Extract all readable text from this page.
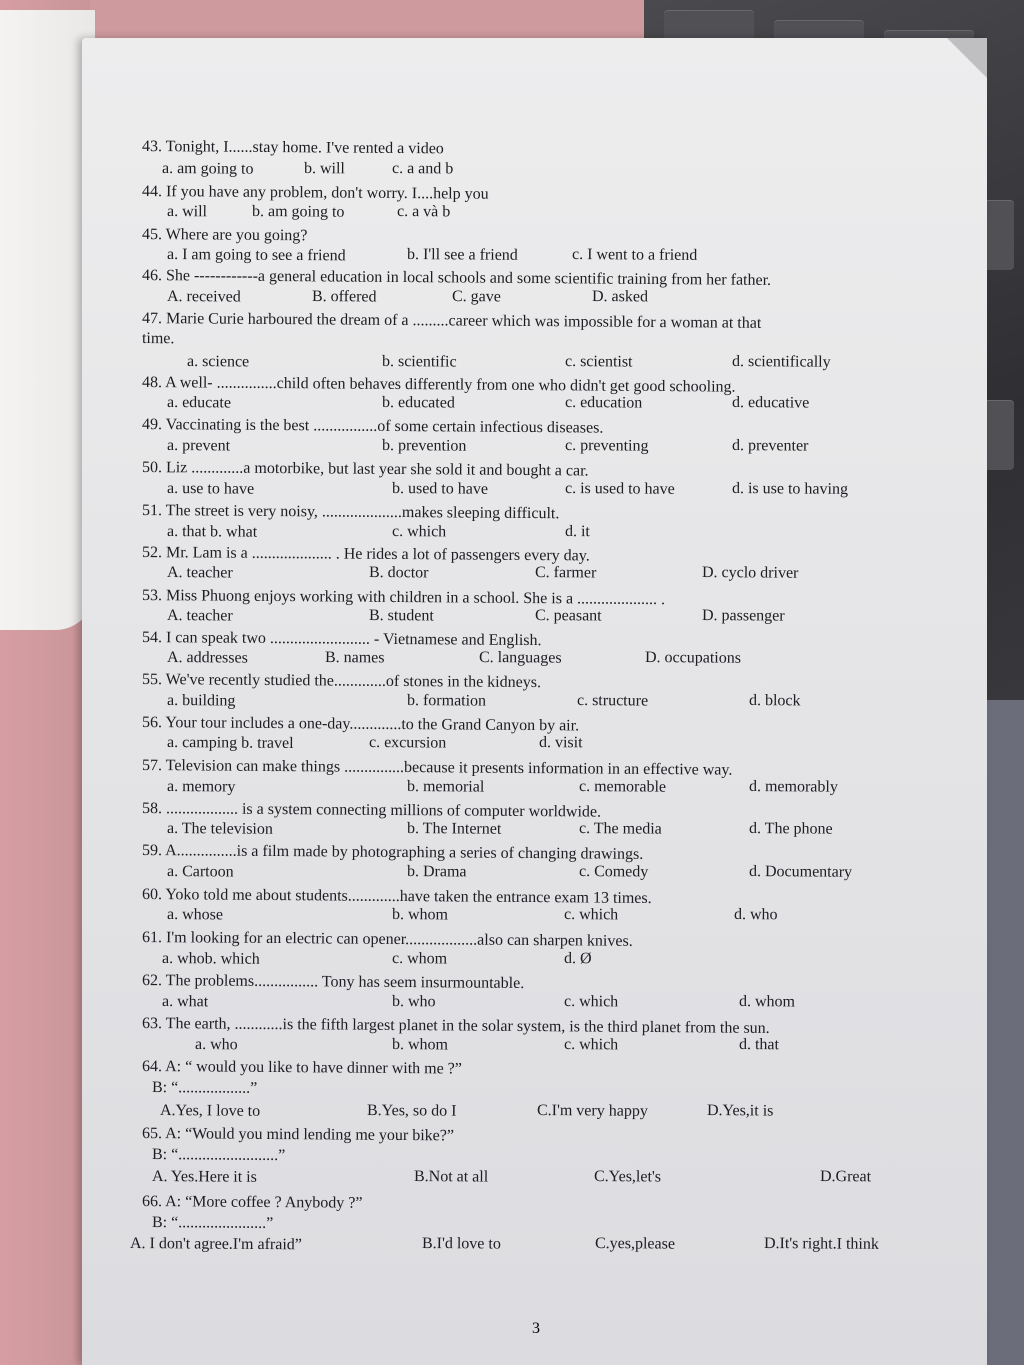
43. Tonight, I......stay home. I've rented a video
a. am going to	b. will	c. a and b
44. If you have any problem, don't worry. I....help you
a. will	b. am going to	c. a và b
45. Where are you going?
a. I am going to see a friend	b. I'll see a friend	c. I went to a friend
46. She ------------a general education in local schools and some scientific training from her father.
A. received	B. offered	C. gave	D. asked
47. Marie Curie harboured the dream of a .........career which was impossible for a woman at that
time.
a. science	b. scientific	c. scientist	d. scientifically
48. A well- ...............child often behaves differently from one who didn't get good schooling.
a. educate	b. educated	c. education	d. educative
49. Vaccinating is the best ................of some certain infectious diseases.
a. prevent	b. prevention	c. preventing	d. preventer
50. Liz .............a motorbike, but last year she sold it and bought a car.
a. use to have	b. used to have	c. is used to have	d. is use to having
51. The street is very noisy, ....................makes sleeping difficult.
a. that b. what	c. which	d. it
52. Mr. Lam is a .................... . He rides a lot of passengers every day.
A. teacher	B. doctor	C. farmer	D. cyclo driver
53. Miss Phuong enjoys working with children in a school. She is a .................... .
A. teacher	B. student	C. peasant	D. passenger
54. I can speak two ......................... - Vietnamese and English.
A. addresses	B. names	C. languages	D. occupations
55. We've recently studied the.............of stones in the kidneys.
a. building	b. formation	c. structure	d. block
56. Your tour includes a one-day.............to the Grand Canyon by air.
a. camping b. travel	c. excursion	d. visit
57. Television can make things ...............because it presents information in an effective way.
a. memory	b. memorial	c. memorable	d. memorably
58. .................. is a system connecting millions of computer worldwide.
a. The television	b. The Internet	c. The media	d. The phone
59. A...............is a film made by photographing a series of changing drawings.
a. Cartoon	b. Drama	c. Comedy	d. Documentary
60. Yoko told me about students.............have taken the entrance exam 13 times.
a. whose	b. whom	c. which	d. who
61. I'm looking for an electric can opener..................also can sharpen knives.
a. whob. which	c. whom	d. Ø
62. The problems................ Tony has seem insurmountable.
a. what	b. who	c. which	d. whom
63. The earth, ............is the fifth largest planet in the solar system, is the third planet from the sun.
a. who	b. whom	c. which	d. that
64. A: “ would you like to have dinner with me ?”
B: “..................”
A.Yes, I love to	B.Yes, so do I	C.I'm very happy	D.Yes,it is
65. A: “Would you mind lending me your bike?”
B: “.........................”
A. Yes.Here it is	B.Not at all	C.Yes,let's	D.Great
66. A: “More coffee ? Anybody ?”
B: “......................”
A. I don't agree.I'm afraid”	B.I'd love to	C.yes,please	D.It's right.I think
3
